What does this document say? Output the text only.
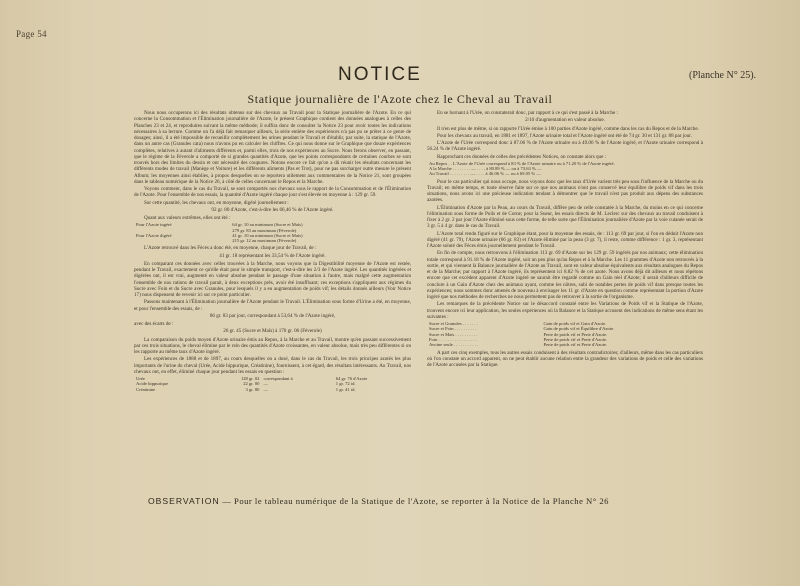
Page 54
NOTICE	(Planche N° 25).
Statique journalière de l'Azote chez le Cheval au Travail

Nous nous occuperons ici des résultats obtenus sur des chevaux au Travail pour la Statique journalière de l'Azote. En ce qui concerne la Consommation et l'Élimination journalière de l'Azote, le présent Graphique contient des données analogues à celles des Planches 23 et 24, et reproduites suivant la même méthode; il suffira donc de consulter la Notice 23 pour avoir toutes les indications nécessaires à sa lecture. Comme on l'a déjà fait remarquer ailleurs, la série entière des expériences n'a pas pu se prêter à ce genre de dosages; ainsi, il a été impossible de recueillir complètement les urines pendant le Travail et d'établir, par suite, la statique de l'Azote, dans un autre cas (Granules cata) nous n'avons pu en calculer les chiffres. Ce qui nous donne sur le Graphique que douze expériences complètes, relatives à autant d'aliments différents et, parmi elles, trois de nos expériences au Sucre. Nous ferons observer, en passant, que le régime de la Féverole a comporté de si grandes quantités d'Azote, que les points correspondants de certaines courbes se sont trouvés hors des limites du dessin et ont nécessité des coupures. Notons encore ce fait qu'on a dû réunir les résultats concernant les différents modes de travail (Manège et Voiture) et les différents aliments (Pas et Trot), pour ne pas surcharger outre mesure le présent Album; les moyennes ainsi établies, à propos desquelles on se reportera utilement aux commentaires de la Notice 21, sont groupées dans le tableau numérique de la Notice 26, à côté de celles concernant le Repos et la Marche.

Voyons comment, dans le cas du Travail, se sont comportés nos chevaux sous le rapport de la Consommation et de l'Élimination de l'Azote. Pour l'ensemble de nos essais, la quantité d'Azote ingéré chaque jour s'est élevée en moyenne à : 129 gr. 59.

Sur cette quantité, les chevaux ont, en moyenne, digéré journellement :

92 gr. 80 d'Azote, c'est-à-dire les 66,46 % de l'Azote ingéré.

Quant aux valeurs extrêmes, elles ont été :

Pour l'Azote ingéré	64 gr. 10 au minimum (Sucre et Maïs)
	279 gr. 83 au maximum (Féverole)
Pour l'Azote digéré	41 gr. 10 au minimum (Sucre et Maïs)
	215 gr. 12 au maximum (Féverole)

L'Azote retrouvé dans les Fèces a donc été, en moyenne, chaque jour de Travail, de :

41 gr. 18 représentant les 33,54 % de l'Azote ingéré.

En comparant ces données avec celles trouvées à la Marche, nous voyons que la Digestibilité moyenne de l'Azote est restée, pendant le Travail, exactement ce qu'elle était pour le simple transport, c'est-à-dire les 2/3 de l'Azote ingéré. Les quantités ingérées et digérées ont, il est vrai, augmenté en valeur absolue pendant le passage d'une situation à l'autre, mais malgré cette augmentation l'ensemble de nos rations de travail parait, à deux exceptions près, avoir été insuffisant; ces exceptions s'appliquent aux régimes du Sucre avec Foin et du Sucre avec Granules, pour lesquels il y a eu augmentation de poids vif; les détails donnés ailleurs (Voir Notice 17) nous dispensent de revenir ici sur ce point particulier.

Passons maintenant à l'Élimination journalière de l'Azote pendant le Travail. L'Élimination sous forme d'Urine a été, en moyenne, et pour l'ensemble des essais, de :

86 gr. 83 par jour, correspondant à 53,64 % de l'Azote ingéré,

avec des écarts de :

26 gr. 45 (Sucre et Maïs) à 170 gr. 06 (Féverole)

La comparaison du poids moyen d'Azote urinaire émis au Repos, à la Marche et au Travail, montre qu'en passant successivement par ces trois situations, le cheval élimine par le rein des quantités d'Azote croissantes, en valeur absolue, mais très peu différentes si on les rapporte au même taux d'Azote ingéré.

Les expériences de 1888 et de 1897, au cours desquelles on a dosé, dans le cas du Travail, les trois principes azotés les plus importants de l'urine du cheval (Urée, Acide hippurique, Créatinine), fournissent, à cet égard, des résultats intéressants. Au Travail, nos chevaux ont, en effet, éliminé chaque jour pendant les essais en question :

Urée	128 gr. 02	correspondant à	64 gr. 76 d'Azote
Acide hippurique	22 gr. 00	—	1 gr. 72 id.
Créatinine	3 gr. 80	—	1 gr. 41 id.

En se bornant à l'Urée, on constaterait donc, par rapport à ce qui s'est passé à la Marche :

2/10 d'augmentation en valeur absolue.

Il n'en est plus de même, si on rapporte l'Urée émise à 100 parties d'Azote ingéré, comme dans les cas du Repos et de la Marche.

Pour les chevaux au travail, en 1881 et 1897, l'Azote urinaire total et l'Azote ingéré ont été de 74 gr. 30 et 131 gr. 88 par jour.

L'Azote de l'Urée correspond donc à 87.06 % de l'Azote urinaire ou à 49.06 % de l'Azote ingéré, et l'Azote urinaire correspond à 56.24 % de l'Azote ingéré.

Rapprochant ces données de celles des précédentes Notices, on constate alors que :

Au Repos . . L'Azote de l'Urée correspond à 83 % de l'Azote urinaire ou à 71.20 % de l'Azote ingéré.
A la Marche . . . . . . . . — . . . . à 80.89 % — ou à 73.63 % —
Au Travail . . . . . . . . . — . . . . à 46.06 % — ou à 69.05 % —

Pour le cas particulier qui nous occupe, nous voyons donc que les taux d'Urée varient très peu sous l'influence de la Marche ou du Travail; en même temps, et toute réserve faite sur ce que nos animaux n'ont pas conservé leur équilibre de poids vif dans les trois situations, nous avons ici une précieuse indication tendant à démontrer que le travail n'est pas produit aux dépens des substances azotées.

L'Élimination d'Azote par la Peau, au cours du Travail, diffère peu de celle constatée à la Marche, du moins en ce qui concerne l'élimination sous forme de Poils et de Corne; pour la Sueur, les essais directs de M. Leclerc sur des chevaux au travail conduisent à fixer à 2 gr. 2 par jour l'Azote éliminé sous cette forme, de telle sorte que l'Élimination journalière d'Azote par la voie cutanée serait de 3 gr. 5 à 4 gr. dans le cas du Travail.

L'Azote total rendu figuré sur le Graphique étant, pour la moyenne des essais, de : 113 gr. 69 par jour, si l'on en déduit l'Azote non digéré (41 gr. 79), l'Azote urinaire (66 gr. 83) et l'Azote éliminé par la peau (3 gr. 7), il reste, comme différence : 1 gr. 3, représentant l'Azote soluté des Fèces émis journellement pendant le Travail.

En fin de compte, nous retrouvons à l'élimination 113 gr. 69 d'Azote sur les 129 gr. 59 ingérés par nos animaux; cette élimination totale correspond à 91.18 % de l'Azote ingéré, soit un peu plus qu'au Repos et à la Marche. Les 11 grammes d'Azote non retrouvés à la sortie, et qui viennent là Balance journalière de l'Azote au Travail, sont en valeur absolue équivalents aux résultats analogues du Repos et de la Marche; par rapport à l'Azote ingéré, ils représentent ici 8.82 % de cet azote. Nous avons déjà dit ailleurs et nous répétons encore que cet excédent apparent d'Azote ingéré ne saurait être regardé comme un Gain réel d'Azote; il serait d'ailleurs difficile de conclure à un Gain d'Azote chez des animaux ayant, comme les nôtres, subi de notables pertes de poids vif dans presque toutes les expériences; nous sommes donc amenés de nouveau à envisager les 11 gr. d'Azote en question comme représentant la portion d'Azote ingéré que nos méthodes de recherches ne nous permettent pas de retrouver à la sortie de l'organisme.

Les remarques de la précédente Notice sur le désaccord constaté entre les Variations de Poids vif et la Statique de l'Azote, trouvent encore ici leur application, les seules expériences où la Balance et la Statique accusent des indications de même sens étant les suivantes :

Sucre et Granules . . . . . . .	Gain de poids vif et Gain d'Azote.
Sucre et Foin . . . . . . . . . .	Gain de poids vif et Équilibre d'Azote.
Sucre et Maïs . . . . . . . . . .	Perte de poids vif et Perte d'Azote.
Foin . . . . . . . . . . . . . . . . .	Perte de poids vif et Perte d'Azote.
Avoine seule . . . . . . . . . . .	Perte de poids vif et Perte d'Azote.

A part ces cinq exemples, tous les autres essais conduisent à des résultats contradictoires; d'ailleurs, même dans les cas particuliers où l'on constate un accord apparent, on ne peut établir aucune relation entre la grandeur des variations de poids et celle des variations de l'Azote accusées par la Statique.

OBSERVATION — Pour le tableau numérique de la Statique de l'Azote, se reporter à la Notice de la Planche N° 26
